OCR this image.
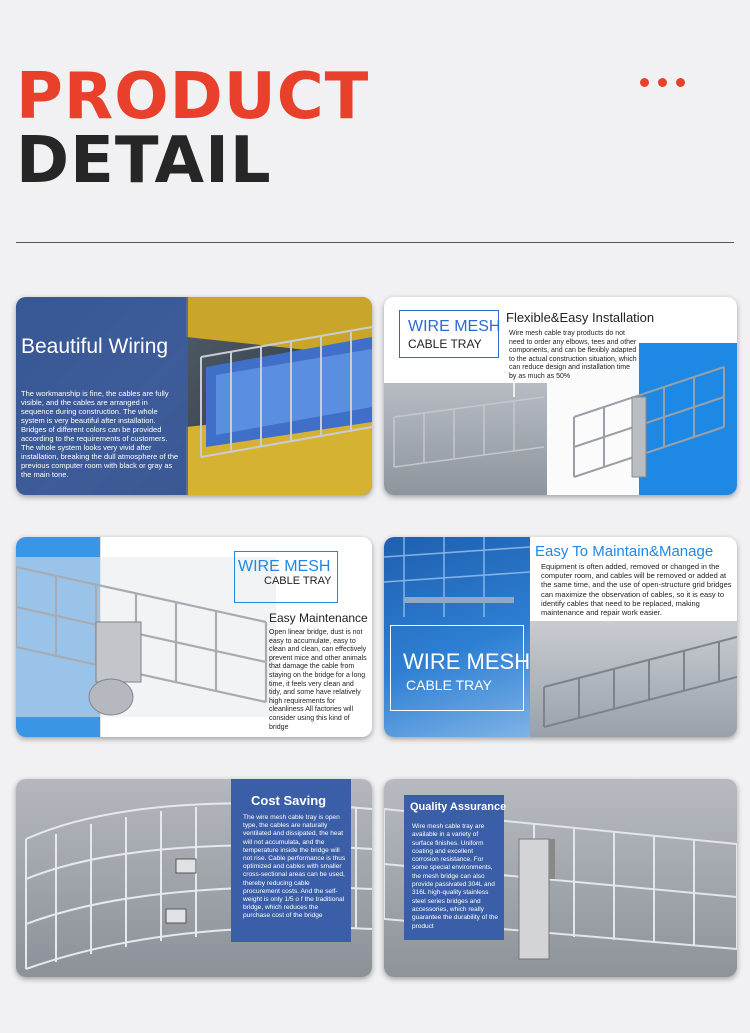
PRODUCT
DETAIL

Beautiful Wiring

The workmanship is fine, the cables are fully visible, and the cables are arranged in sequence during construction. The whole system is very beautiful after installation. Bridges of different colors can be provided according to the requirements of customers. The whole system looks very vivid after installation, breaking the dull atmosphere of the previous computer room with black or gray as the main tone.

WIRE MESH

CABLE TRAY

Flexible&Easy Installation

Wire mesh cable tray products do not need to order any elbows, tees and other components, and can be flexibly adapted to the actual construction situation, which can reduce design and installation time by as much as 50%

WIRE MESH

CABLE TRAY

Easy Maintenance

Open linear bridge, dust is not easy to accumulate, easy to clean and clean, can effectively prevent mice and other animals that damage the cable from staying on the bridge for a long time, it feels very clean and tidy, and some have relatively high requirements for cleanliness All factories will consider using this kind of bridge

WIRE MESH

CABLE TRAY

Easy To Maintain&Manage

Equipment is often added, removed or changed in the computer room, and cables will be removed or added at the same time, and the use of open-structure grid bridges can maximize the observation of cables, so it is easy to identify cables that need to be replaced, making maintenance and repair work easier.

Cost Saving

The wire mesh cable tray is open type, the cables are naturally ventilated and dissipated, the heat will not accumulata, and the temperature inside the bridge will not rise. Cable performance is thus optimized and cables with smaller cross-sectional areas can be used, thereby reducing cable procurement costs. And the self-weight is only 1/5 o f the traditional bridge, which reduces the purchase cost of the bridge

Quality Assurance

Wire mesh cable tray are available in a variety of surface finishes. Uniform coating and excellent corrosion resistance. For some special environments, the mesh bridge can also provide passivated 304L and 316L high-quality stainless steel series bridges and accessories, which really guarantee the durability of the product
